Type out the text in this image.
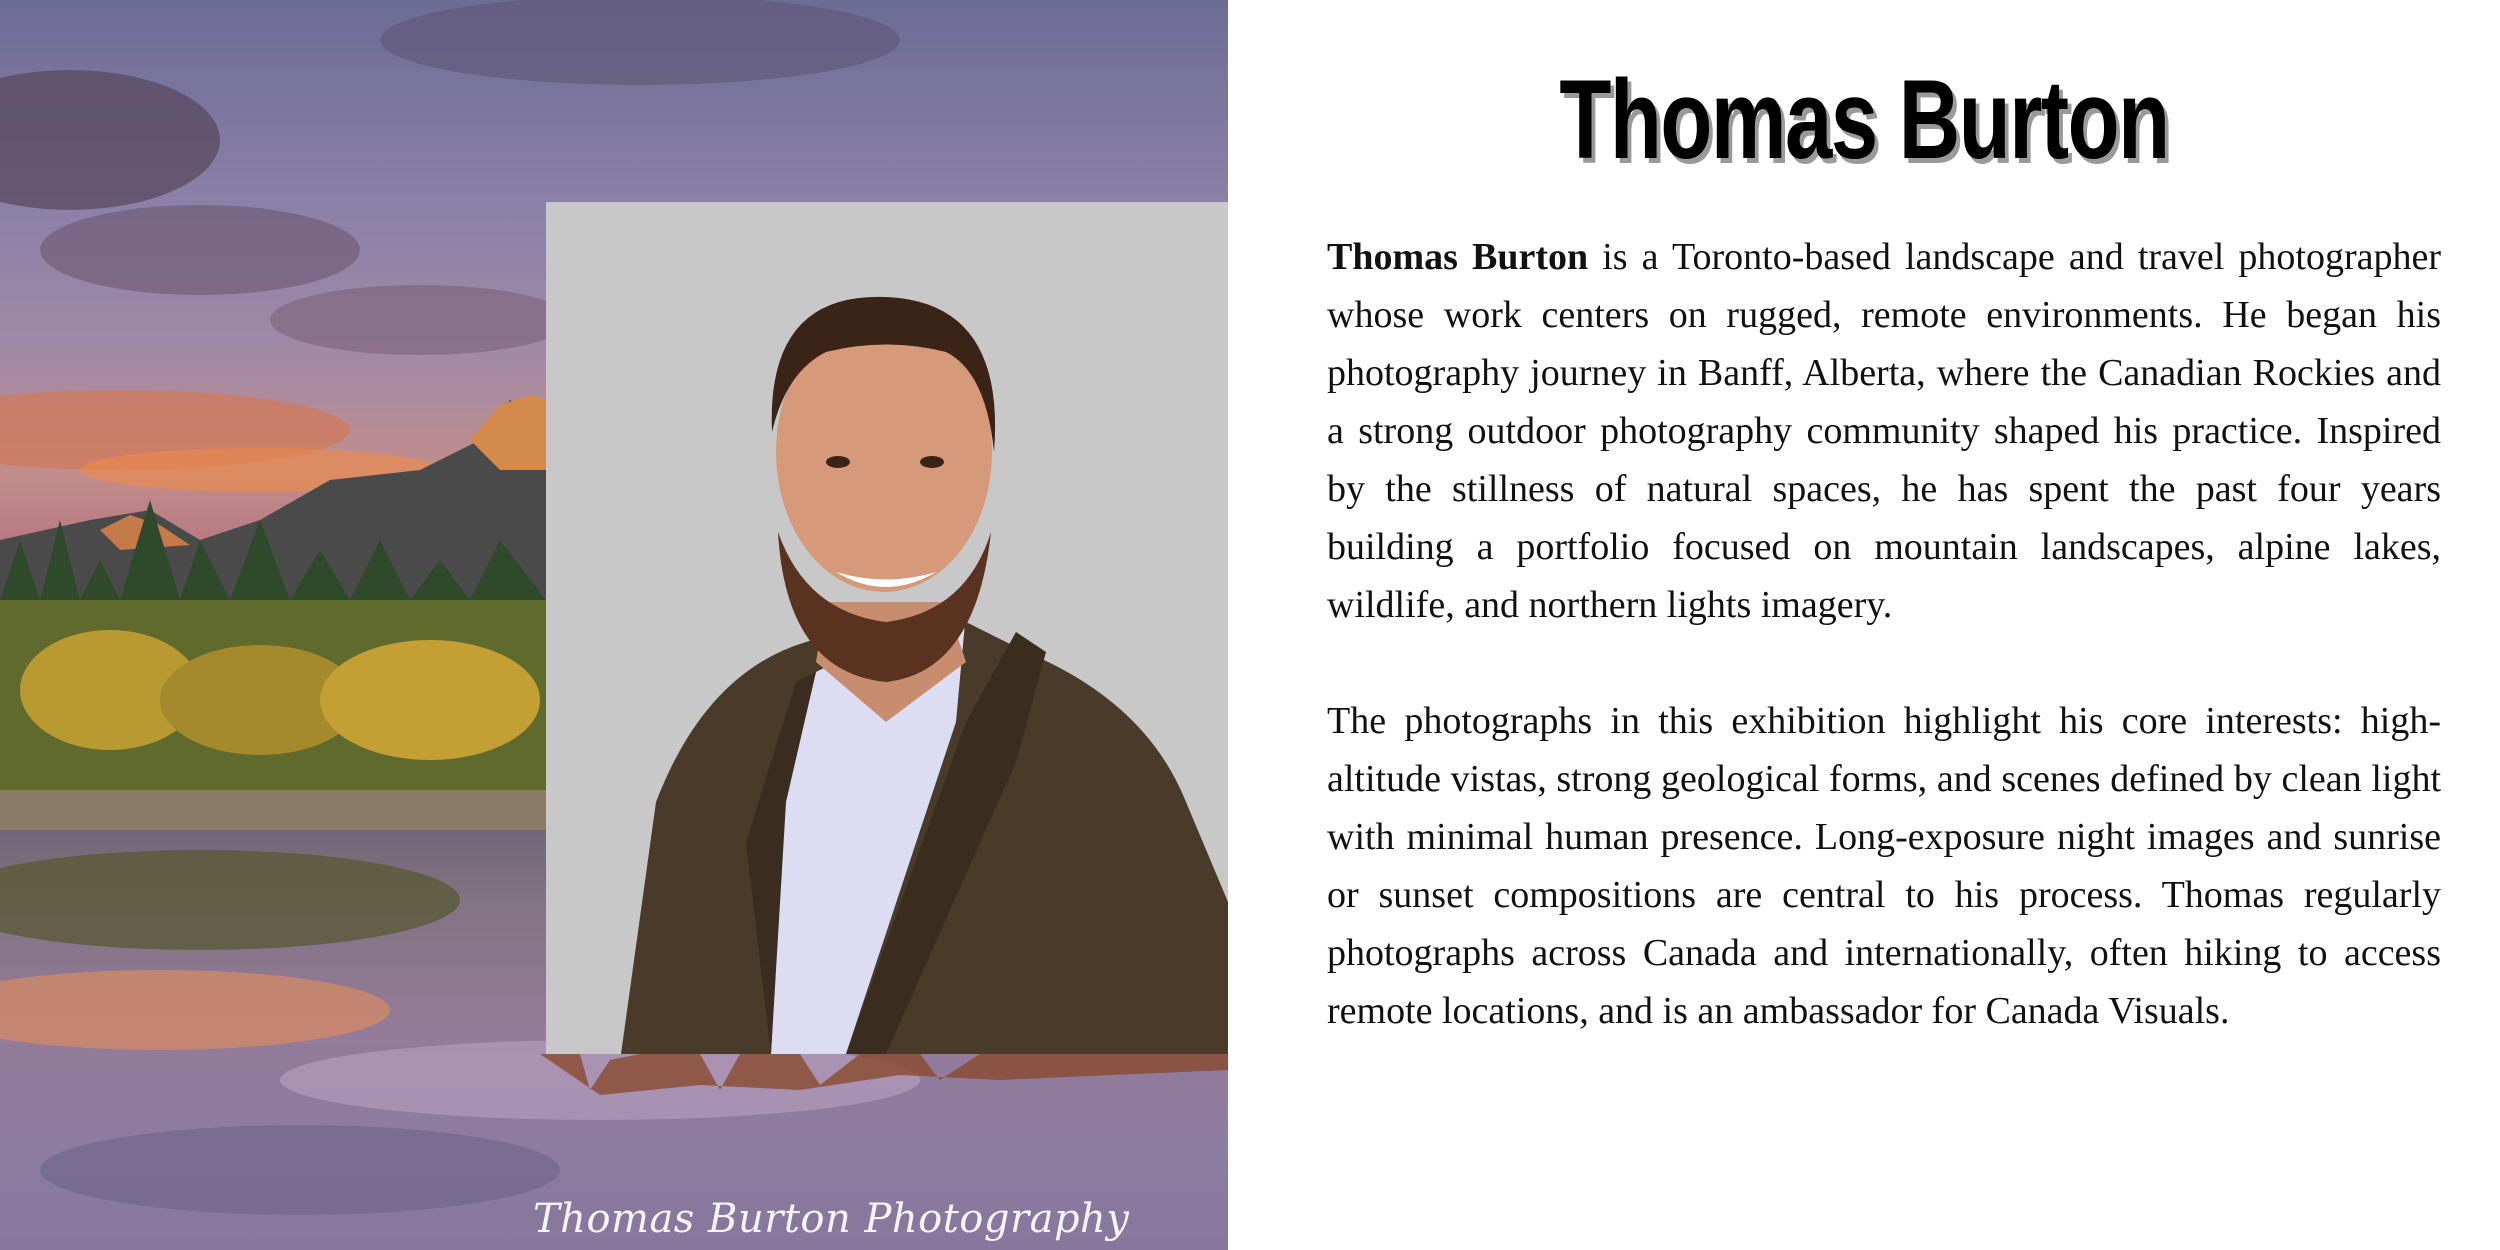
Thomas Burton Photography
Thomas Burton

Thomas Burton is a Toronto-based landscape and travel photographer whose work centers on rugged, remote environments. He began his photography journey in Banff, Alberta, where the Canadian Rockies and a strong outdoor photography community shaped his practice. Inspired by the stillness of natural spaces, he has spent the past four years building a portfolio focused on mountain landscapes, alpine lakes, wildlife, and northern lights imagery.

The photographs in this exhibition highlight his core interests: high-altitude vistas, strong geological forms, and scenes defined by clean light with minimal human presence. Long-exposure night images and sunrise or sunset compositions are central to his process. Thomas regularly photographs across Canada and internationally, often hiking to access remote locations, and is an ambassador for Canada Visuals.
